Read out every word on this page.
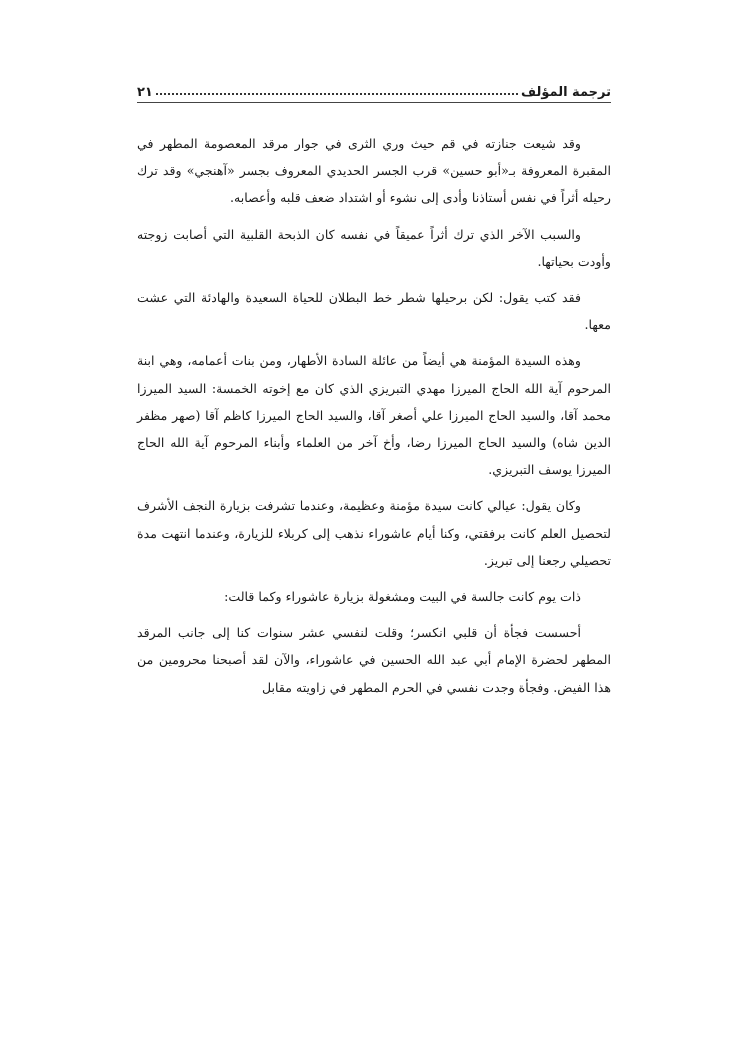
ترجمة المؤلف
٢١

وقد شيعت جنازته في قم حيث وري الثرى في جوار مرقد المعصومة المطهر في المقبرة المعروفة بـ«أبو حسين» قرب الجسر الحديدي المعروف بجسر «آهنجي» وقد ترك رحيله أثراً في نفس أستاذنا وأدى إلى نشوء أو اشتداد ضعف قلبه وأعصابه.

والسبب الآخر الذي ترك أثراً عميقاً في نفسه كان الذبحة القلبية التي أصابت زوجته وأودت بحياتها.

فقد كتب يقول: لكن برحيلها شطر خط البطلان للحياة السعيدة والهادئة التي عشت معها.

وهذه السيدة المؤمنة هي أيضاً من عائلة السادة الأطهار، ومن بنات أعمامه، وهي ابنة المرحوم آية الله الحاج الميرزا مهدي التبريزي الذي كان مع إخوته الخمسة: السيد الميرزا محمد آقا، والسيد الحاج الميرزا علي أصغر آقا، والسيد الحاج الميرزا كاظم آقا (صهر مظفر الدين شاه) والسيد الحاج الميرزا رضا، وأخ آخر من العلماء وأبناء المرحوم آية الله الحاج الميرزا يوسف التبريزي.

وكان يقول: عيالي كانت سيدة مؤمنة وعظيمة، وعندما تشرفت بزيارة النجف الأشرف لتحصيل العلم كانت برفقتي، وكنا أيام عاشوراء نذهب إلى كربلاء للزيارة، وعندما انتهت مدة تحصيلي رجعنا إلى تبريز.

ذات يوم كانت جالسة في البيت ومشغولة بزيارة عاشوراء وكما قالت:

أحسست فجأة أن قلبي انكسر؛ وقلت لنفسي عشر سنوات كنا إلى جانب المرقد المطهر لحضرة الإمام أبي عبد الله الحسين في عاشوراء، والآن لقد أصبحنا محرومين من هذا الفيض. وفجأة وجدت نفسي في الحرم المطهر في زاويته مقابل
